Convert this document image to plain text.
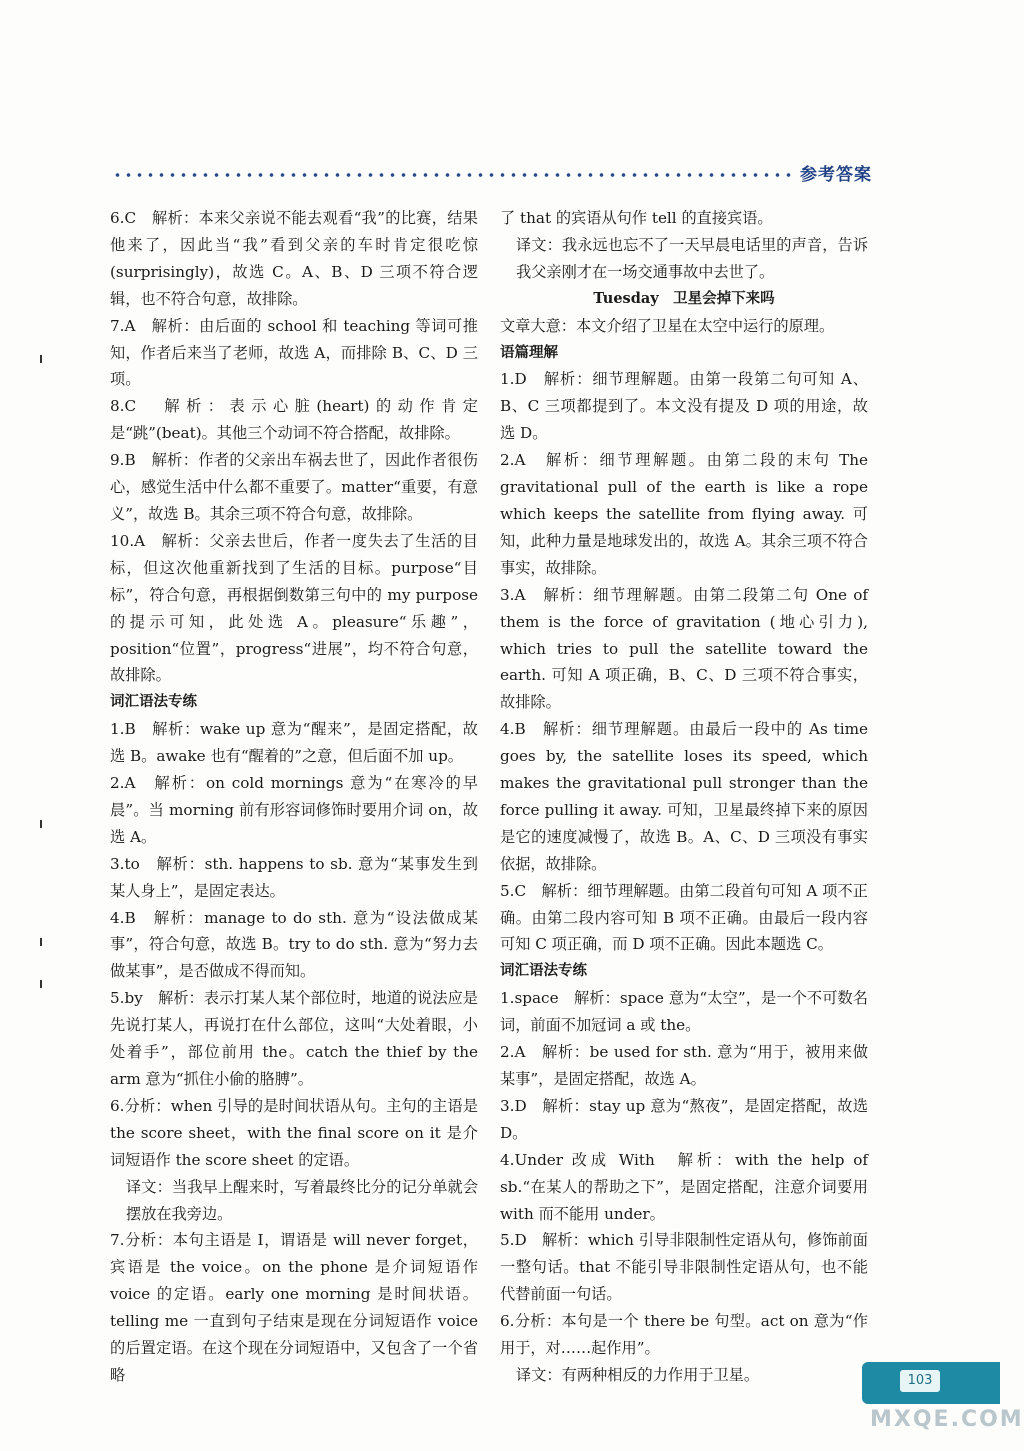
参考答案
6.C　解析：本来父亲说不能去观看“我”的比赛，结果他来了，因此当“我”看到父亲的车时肯定很吃惊(surprisingly)，故选 C。A、B、D 三项不符合逻辑，也不符合句意，故排除。
7.A　解析：由后面的 school 和 teaching 等词可推知，作者后来当了老师，故选 A，而排除 B、C、D 三项。
8.C　解析：表示心脏(heart)的动作肯定是“跳”(beat)。其他三个动词不符合搭配，故排除。
9.B　解析：作者的父亲出车祸去世了，因此作者很伤心，感觉生活中什么都不重要了。matter“重要，有意义”，故选 B。其余三项不符合句意，故排除。
10.A　解析：父亲去世后，作者一度失去了生活的目标，但这次他重新找到了生活的目标。purpose“目标”，符合句意，再根据倒数第三句中的 my purpose 的提示可知，此处选 A。pleasure“乐趣”，position“位置”，progress“进展”，均不符合句意，故排除。
词汇语法专练
1.B　解析：wake up 意为“醒来”，是固定搭配，故选 B。awake 也有“醒着的”之意，但后面不加 up。
2.A　解析：on cold mornings 意为“在寒冷的早晨”。当 morning 前有形容词修饰时要用介词 on，故选 A。
3.to　解析：sth. happens to sb. 意为“某事发生到某人身上”，是固定表达。
4.B　解析：manage to do sth. 意为“设法做成某事”，符合句意，故选 B。try to do sth. 意为“努力去做某事”，是否做成不得而知。
5.by　解析：表示打某人某个部位时，地道的说法应是先说打某人，再说打在什么部位，这叫“大处着眼，小处着手”，部位前用 the。catch the thief by the arm 意为“抓住小偷的胳膊”。
6.分析：when 引导的是时间状语从句。主句的主语是 the score sheet，with the final score on it 是介词短语作 the score sheet 的定语。
译文：当我早上醒来时，写着最终比分的记分单就会摆放在我旁边。
7.分析：本句主语是 I，谓语是 will never forget，宾语是 the voice。on the phone 是介词短语作 voice 的定语。early one morning 是时间状语。telling me 一直到句子结束是现在分词短语作 voice 的后置定语。在这个现在分词短语中，又包含了一个省略
了 that 的宾语从句作 tell 的直接宾语。
译文：我永远也忘不了一天早晨电话里的声音，告诉我父亲刚才在一场交通事故中去世了。
Tuesday　卫星会掉下来吗
文章大意：本文介绍了卫星在太空中运行的原理。
语篇理解
1.D　解析：细节理解题。由第一段第二句可知 A、B、C 三项都提到了。本文没有提及 D 项的用途，故选 D。
2.A　解析：细节理解题。由第二段的末句 The gravitational pull of the earth is like a rope which keeps the satellite from flying away. 可知，此种力量是地球发出的，故选 A。其余三项不符合事实，故排除。
3.A　解析：细节理解题。由第二段第二句 One of them is the force of gravitation (地心引力), which tries to pull the satellite toward the earth. 可知 A 项正确，B、C、D 三项不符合事实，故排除。
4.B　解析：细节理解题。由最后一段中的 As time goes by, the satellite loses its speed, which makes the gravitational pull stronger than the force pulling it away. 可知，卫星最终掉下来的原因是它的速度减慢了，故选 B。A、C、D 三项没有事实依据，故排除。
5.C　解析：细节理解题。由第二段首句可知 A 项不正确。由第二段内容可知 B 项不正确。由最后一段内容可知 C 项正确，而 D 项不正确。因此本题选 C。
词汇语法专练
1.space　解析：space 意为“太空”，是一个不可数名词，前面不加冠词 a 或 the。
2.A　解析：be used for sth. 意为“用于，被用来做某事”，是固定搭配，故选 A。
3.D　解析：stay up 意为“熬夜”，是固定搭配，故选 D。
4.Under 改成 With　解析：with the help of sb.“在某人的帮助之下”，是固定搭配，注意介词要用 with 而不能用 under。
5.D　解析：which 引导非限制性定语从句，修饰前面一整句话。that 不能引导非限制性定语从句，也不能代替前面一句话。
6.分析：本句是一个 there be 句型。act on 意为“作用于，对……起作用”。
译文：有两种相反的力作用于卫星。	103
MXQE.COM
